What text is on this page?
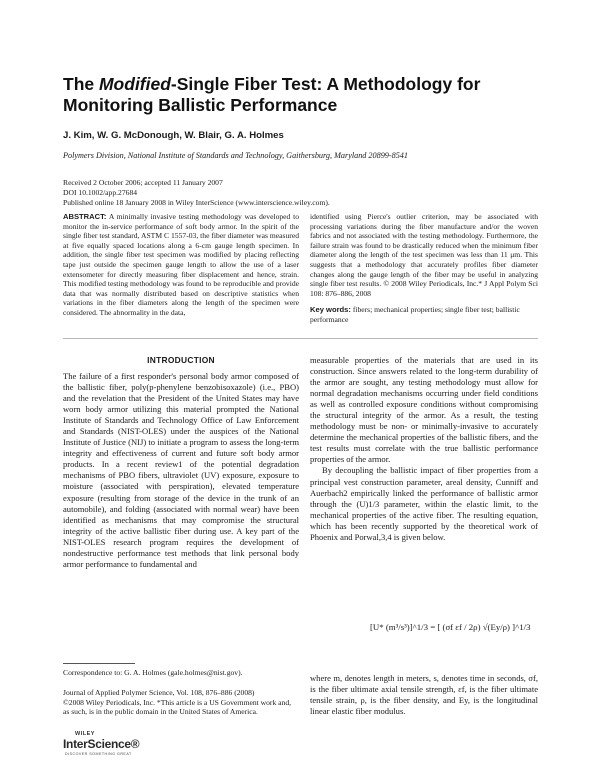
The Modified-Single Fiber Test: A Methodology for Monitoring Ballistic Performance
J. Kim, W. G. McDonough, W. Blair, G. A. Holmes
Polymers Division, National Institute of Standards and Technology, Gaithersburg, Maryland 20899-8541
Received 2 October 2006; accepted 11 January 2007
DOI 10.1002/app.27684
Published online 18 January 2008 in Wiley InterScience (www.interscience.wiley.com).
ABSTRACT: A minimally invasive testing methodology was developed to monitor the in-service performance of soft body armor. In the spirit of the single fiber test standard, ASTM C 1557-03, the fiber diameter was measured at five equally spaced locations along a 6-cm gauge length specimen. In addition, the single fiber test specimen was modified by placing reflecting tape just outside the specimen gauge length to allow the use of a laser extensometer for directly measuring fiber displacement and hence, strain. This modified testing methodology was found to be reproducible and provide data that was normally distributed based on descriptive statistics when variations in the fiber diameters along the length of the specimen were considered. The abnormality in the data,
identified using Pierce's outlier criterion, may be associated with processing variations during the fiber manufacture and/or the woven fabrics and not associated with the testing methodology. Furthermore, the failure strain was found to be drastically reduced when the minimum fiber diameter along the length of the test specimen was less than 11 μm. This suggests that a methodology that accurately profiles fiber diameter changes along the gauge length of the fiber may be useful in analyzing single fiber test results. © 2008 Wiley Periodicals, Inc.* J Appl Polym Sci 108: 876–886, 2008
Key words: fibers; mechanical properties; single fiber test; ballistic performance
INTRODUCTION

The failure of a first responder's personal body armor composed of the ballistic fiber, poly(p-phenylene benzobisoxazole) (i.e., PBO) and the revelation that the President of the United States may have worn body armor utilizing this material prompted the National Institute of Standards and Technology Office of Law Enforcement and Standards (NIST-OLES) under the auspices of the National Institute of Justice (NIJ) to initiate a program to assess the long-term integrity and effectiveness of current and future soft body armor products. In a recent review1 of the potential degradation mechanisms of PBO fibers, ultraviolet (UV) exposure, exposure to moisture (associated with perspiration), elevated temperature exposure (resulting from storage of the device in the trunk of an automobile), and folding (associated with normal wear) have been identified as mechanisms that may compromise the structural integrity of the active ballistic fiber during use. A key part of the NIST-OLES research program requires the development of nondestructive performance test methods that link personal body armor performance to fundamental and

measurable properties of the materials that are used in its construction. Since answers related to the long-term durability of the armor are sought, any testing methodology must allow for normal degradation mechanisms occurring under field conditions as well as controlled exposure conditions without compromising the structural integrity of the armor. As a result, the testing methodology must be non- or minimally-invasive to accurately determine the mechanical properties of the ballistic fibers, and the test results must correlate with the true ballistic performance properties of the armor.

By decoupling the ballistic impact of fiber properties from a principal vest construction parameter, areal density, Cunniff and Auerbach2 empirically linked the performance of ballistic armor through the (U)1/3 parameter, within the elastic limit, to the mechanical properties of the active fiber. The resulting equation, which has been recently supported by the theoretical work of Phoenix and Porwal,3,4 is given below.

[U* (m³/s³)]^1/3 = [ (σf εf / 2ρ) √(Ey/ρ) ]^1/3
where m, denotes length in meters, s, denotes time in seconds, σf, is the fiber ultimate axial tensile strength, εf, is the fiber ultimate tensile strain, ρ, is the fiber density, and Ey, is the longitudinal linear elastic fiber modulus.
Correspondence to: G. A. Holmes (gale.holmes@nist.gov).
Journal of Applied Polymer Science, Vol. 108, 876–886 (2008)
©2008 Wiley Periodicals, Inc. *This article is a US Government work and, as such, is in the public domain in the United States of America.
WILEY
InterScience®
DISCOVER SOMETHING GREAT
